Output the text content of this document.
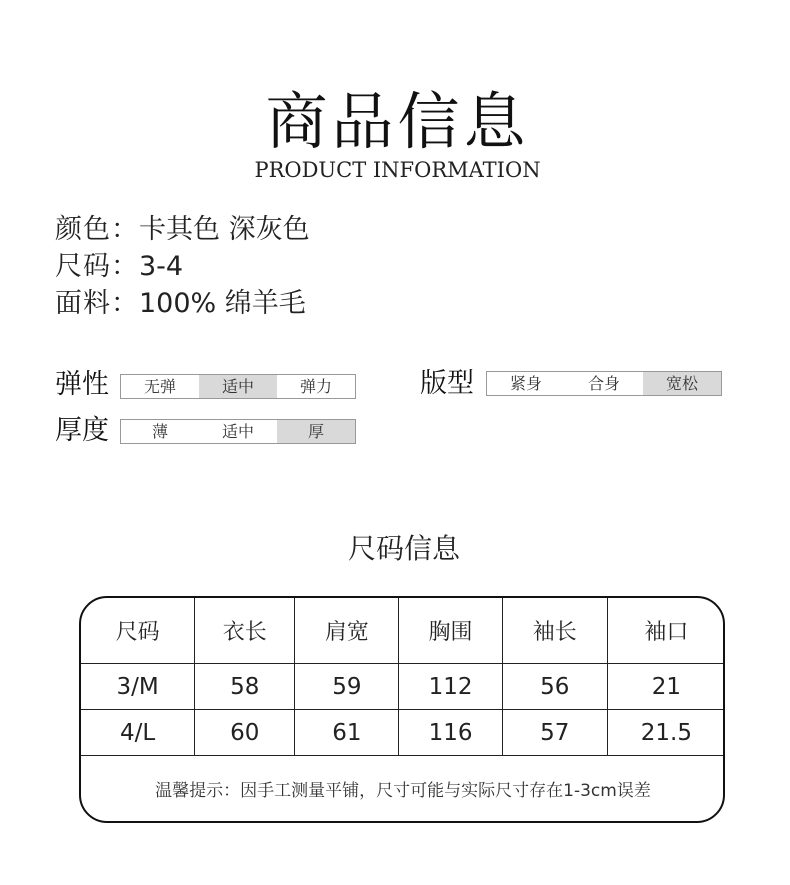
商品信息
PRODUCT INFORMATION
颜色：卡其色 深灰色
尺码：3-4
面料：100% 绵羊毛
弹性	无弹	适中	弹力
厚度	薄	适中	厚
版型	紧身	合身	宽松
尺码信息
尺码	衣长	肩宽	胸围	袖长	袖口
3/M	58	59	112	56	21
4/L	60	61	116	57	21.5
温馨提示：因手工测量平铺，尺寸可能与实际尺寸存在1-3cm误差
